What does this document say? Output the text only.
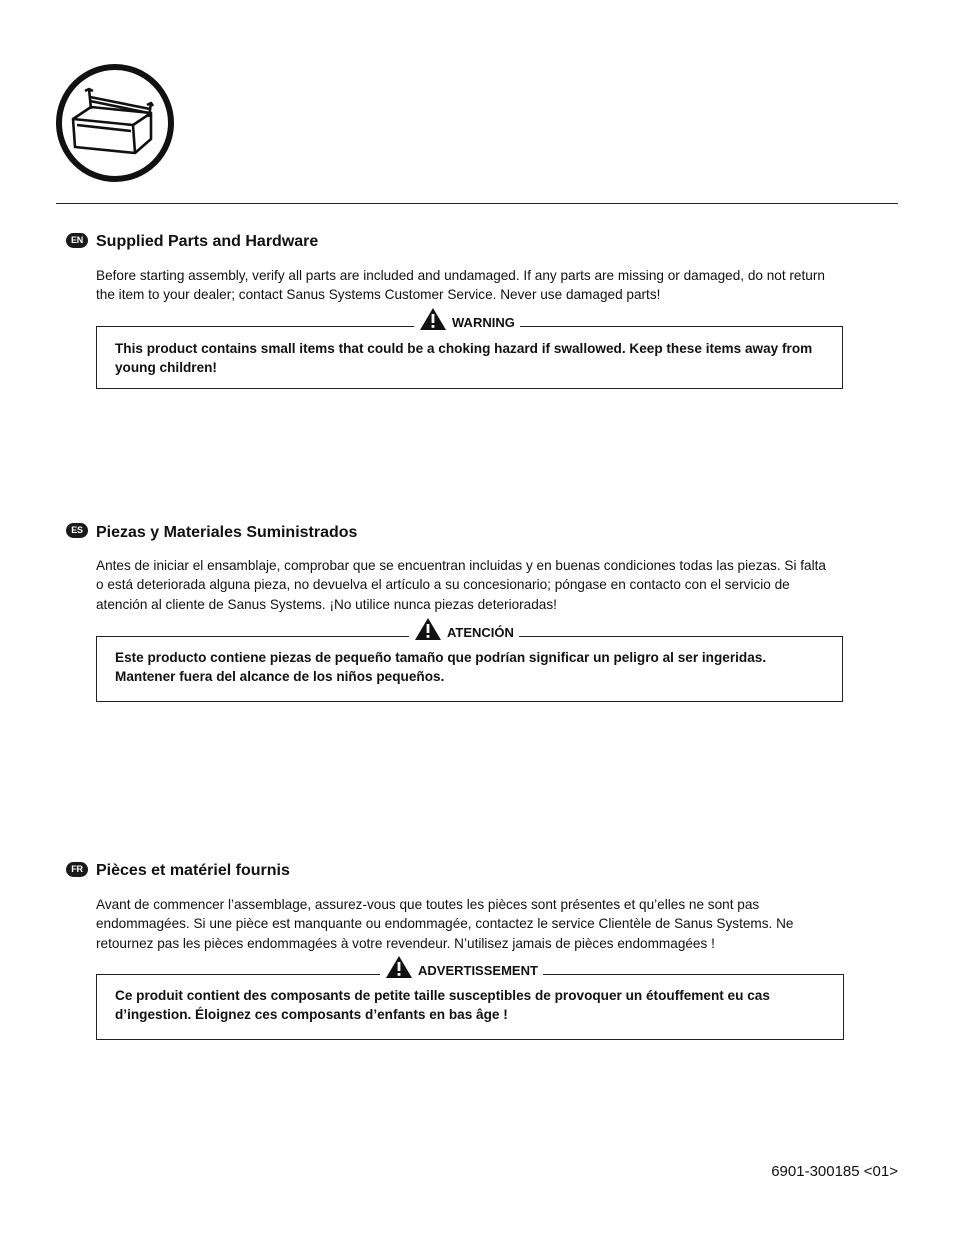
EN Supplied Parts and Hardware

Before starting assembly, verify all parts are included and undamaged. If any parts are missing or damaged, do not return the item to your dealer; contact Sanus Systems Customer Service. Never use damaged parts!

WARNING

This product contains small items that could be a choking hazard if swallowed. Keep these items away from young children!

ES Piezas y Materiales Suministrados

Antes de iniciar el ensamblaje, comprobar que se encuentran incluidas y en buenas condiciones todas las piezas. Si falta o está deteriorada alguna pieza, no devuelva el artículo a su concesionario; póngase en contacto con el servicio de atención al cliente de Sanus Systems. ¡No utilice nunca piezas deterioradas!

ATENCIÓN

Este producto contiene piezas de pequeño tamaño que podrían significar un peligro al ser ingeridas. Mantener fuera del alcance de los niños pequeños.

FR Pièces et matériel fournis

Avant de commencer l’assemblage, assurez-vous que toutes les pièces sont présentes et qu’elles ne sont pas endommagées. Si une pièce est manquante ou endommagée, contactez le service Clientèle de Sanus Systems. Ne retournez pas les pièces endommagées à votre revendeur. N’utilisez jamais de pièces endommagées !

ADVERTISSEMENT

Ce produit contient des composants de petite taille susceptibles de provoquer un étouffement eu cas d’ingestion. Éloignez ces composants d’enfants en bas âge !

6901-300185 <01>
